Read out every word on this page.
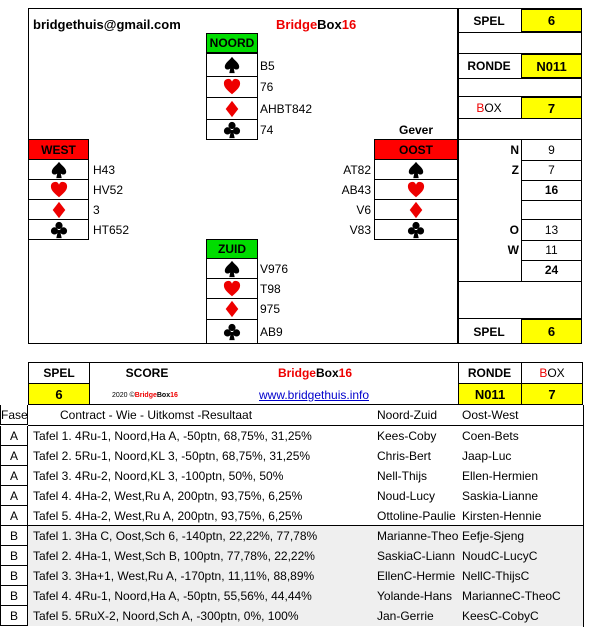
bridgethuis@gmail.com	Bridge Box 16	SPEL	6
RONDE	N011
B OX	7
N	9
Z	7
16
O	13
W	11
24
SPEL	6
NOORD
B5
76
AHBT842
74	Gever
WEST
H43
HV52
3
HT652
OOST
AT82
AB43
V6
V83
ZUID
V976
T98
975
AB9
SPEL
6
SCORE	Bridge Box 16
2020 © Bridge Box 16	www.bridgethuis.info
RONDE
N011
B OX
7
Fase	Contract - Wie - Uitkomst -Resultaat	Noord-Zuid Oost-West
A	Tafel 1. 4Ru-1, Noord,Ha A, -50ptn, 68,75%, 31,25%	Kees-Coby	Coen-Bets
A	Tafel 2. 5Ru-1, Noord,KL 3, -50ptn, 68,75%, 31,25%	Chris-Bert	Jaap-Luc
A	Tafel 3. 4Ru-2, Noord,KL 3, -100ptn, 50%, 50%	Nell-Thijs	Ellen-Hermien
A	Tafel 4. 4Ha-2, West,Ru A, 200ptn, 93,75%, 6,25%	Noud-Lucy	Saskia-Lianne
A	Tafel 5. 4Ha-2, West,Ru A, 200ptn, 93,75%, 6,25%	Ottoline-Paulie Kirsten-Hennie
B	Tafel 1. 3Ha C, Oost,Sch 6, -140ptn, 22,22%, 77,78%	Marianne-Theo Eefje-Sjeng
B	Tafel 2. 4Ha-1, West,Sch B, 100ptn, 77,78%, 22,22%	SaskiaC-Liann NoudC-LucyC
B	Tafel 3. 3Ha+1, West,Ru A, -170ptn, 11,11%, 88,89%	EllenC-Hermie NellC-ThijsC
B	Tafel 4. 4Ru-1, Noord,Ha A, -50ptn, 55,56%, 44,44%	Yolande-Hans MarianneC-TheoC
B	Tafel 5. 5RuX-2, Noord,Sch A, -300ptn, 0%, 100%	Jan-Gerrie	KeesC-CobyC
